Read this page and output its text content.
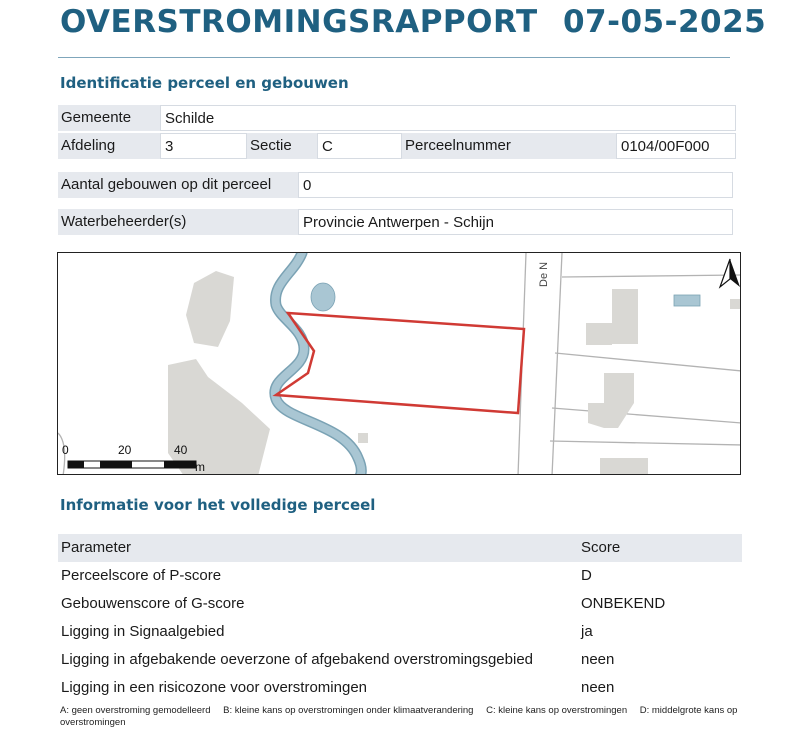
OVERSTROMINGSRAPPORT 07-05-2025
Identificatie perceel en gebouwen
Gemeente	Schilde
Afdeling	3	Sectie	C	Perceelnummer	0104/00F000
Aantal gebouwen op dit perceel	0
Waterbeheerder(s)	Provincie Antwerpen - Schijn
De N
0	20	40
m
Informatie voor het volledige perceel
Parameter	Score
Perceelscore of P-score	D
Gebouwenscore of G-score	ONBEKEND
Ligging in Signaalgebied	ja
Ligging in afgebakende oeverzone of afgebakend overstromingsgebied	neen
Ligging in een risicozone voor overstromingen	neen
A: geen overstroming gemodelleerd B: kleine kans op overstromingen onder klimaatverandering C: kleine kans op overstromingen D: middelgrote kans op overstromingen
